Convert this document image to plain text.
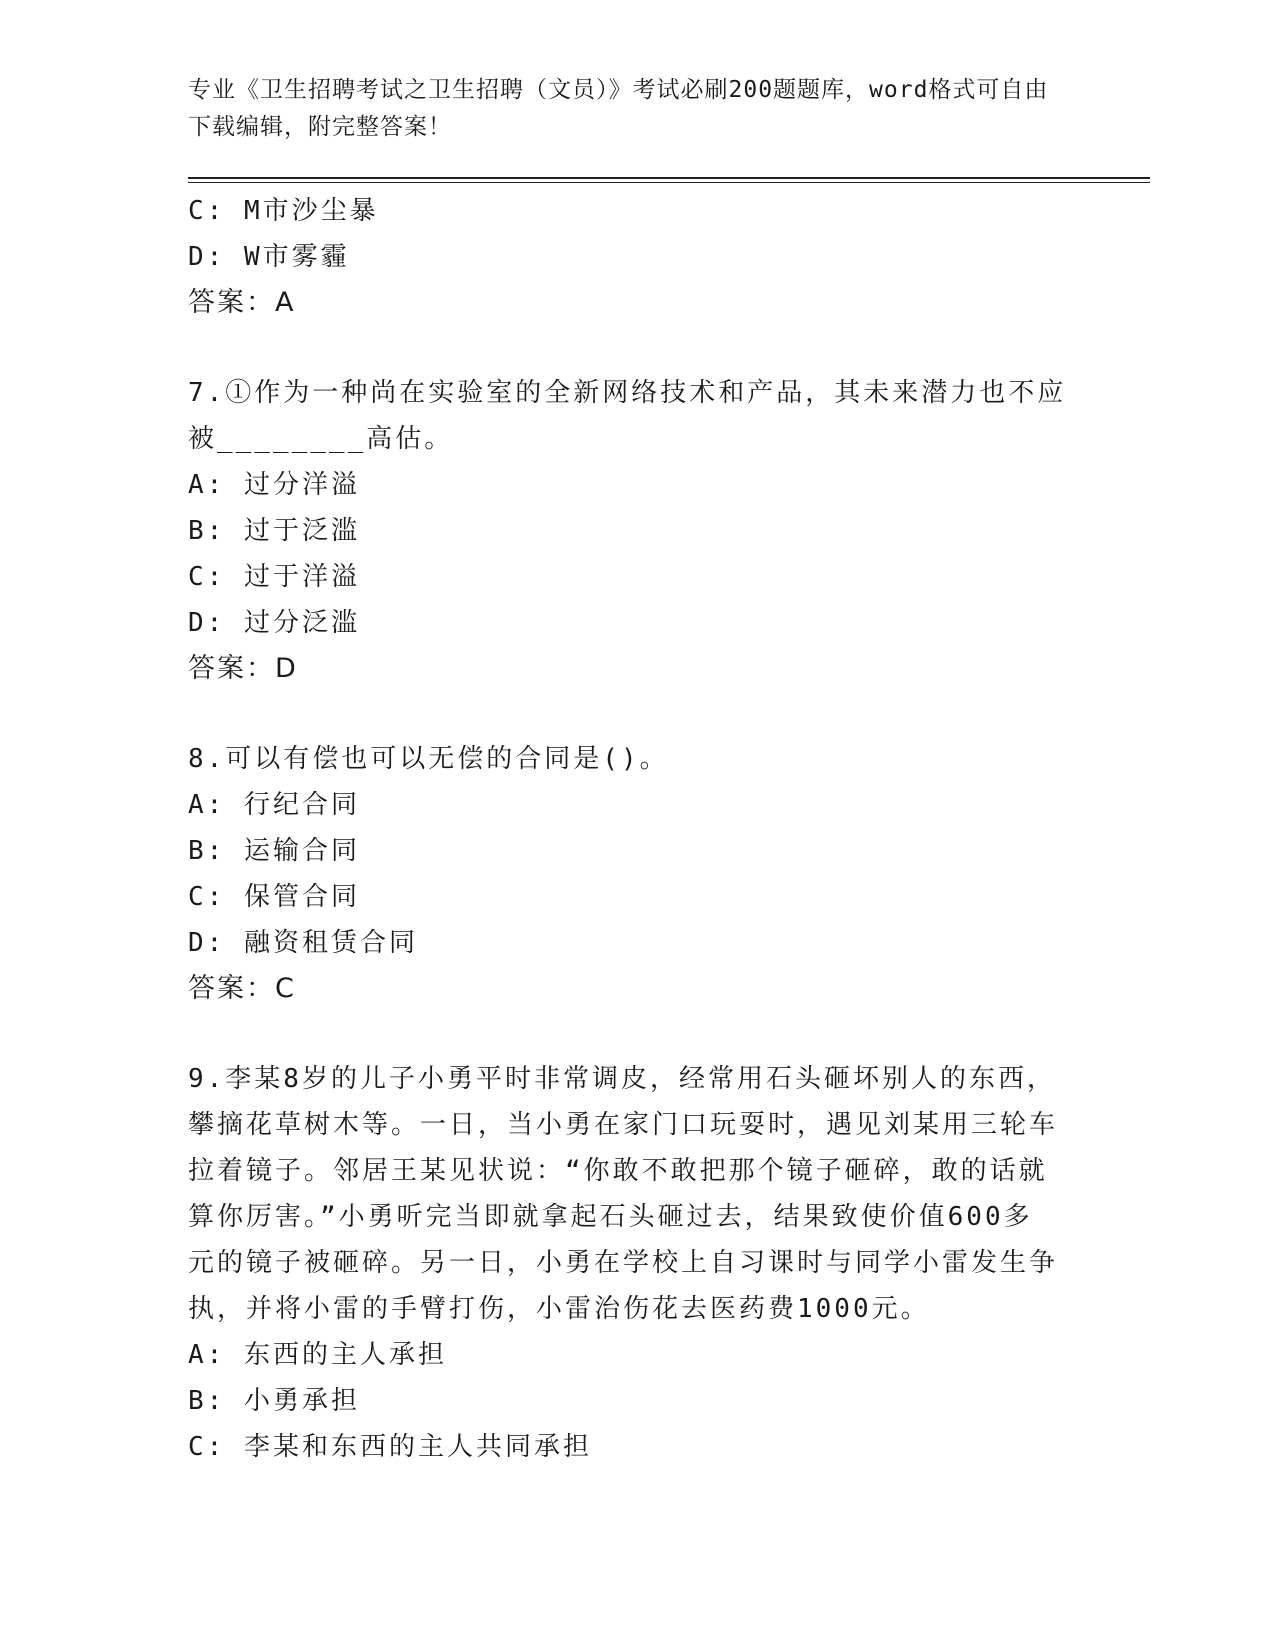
专业《卫生招聘考试之卫生招聘（文员）》考试必刷200题题库，word格式可自由下载编辑，附完整答案！
C: M市沙尘暴
D: W市雾霾
答案：A
7.①作为一种尚在实验室的全新网络技术和产品，其未来潜力也不应
被________高估。
A: 过分洋溢
B: 过于泛滥
C: 过于洋溢
D: 过分泛滥
答案：D
8.可以有偿也可以无偿的合同是()。
A: 行纪合同
B: 运输合同
C: 保管合同
D: 融资租赁合同
答案：C
9.李某8岁的儿子小勇平时非常调皮，经常用石头砸坏别人的东西，
攀摘花草树木等。一日，当小勇在家门口玩耍时，遇见刘某用三轮车
拉着镜子。邻居王某见状说：“你敢不敢把那个镜子砸碎，敢的话就
算你厉害。”小勇听完当即就拿起石头砸过去，结果致使价值600多
元的镜子被砸碎。另一日，小勇在学校上自习课时与同学小雷发生争
执，并将小雷的手臂打伤，小雷治伤花去医药费1000元。
A: 东西的主人承担
B: 小勇承担
C: 李某和东西的主人共同承担
